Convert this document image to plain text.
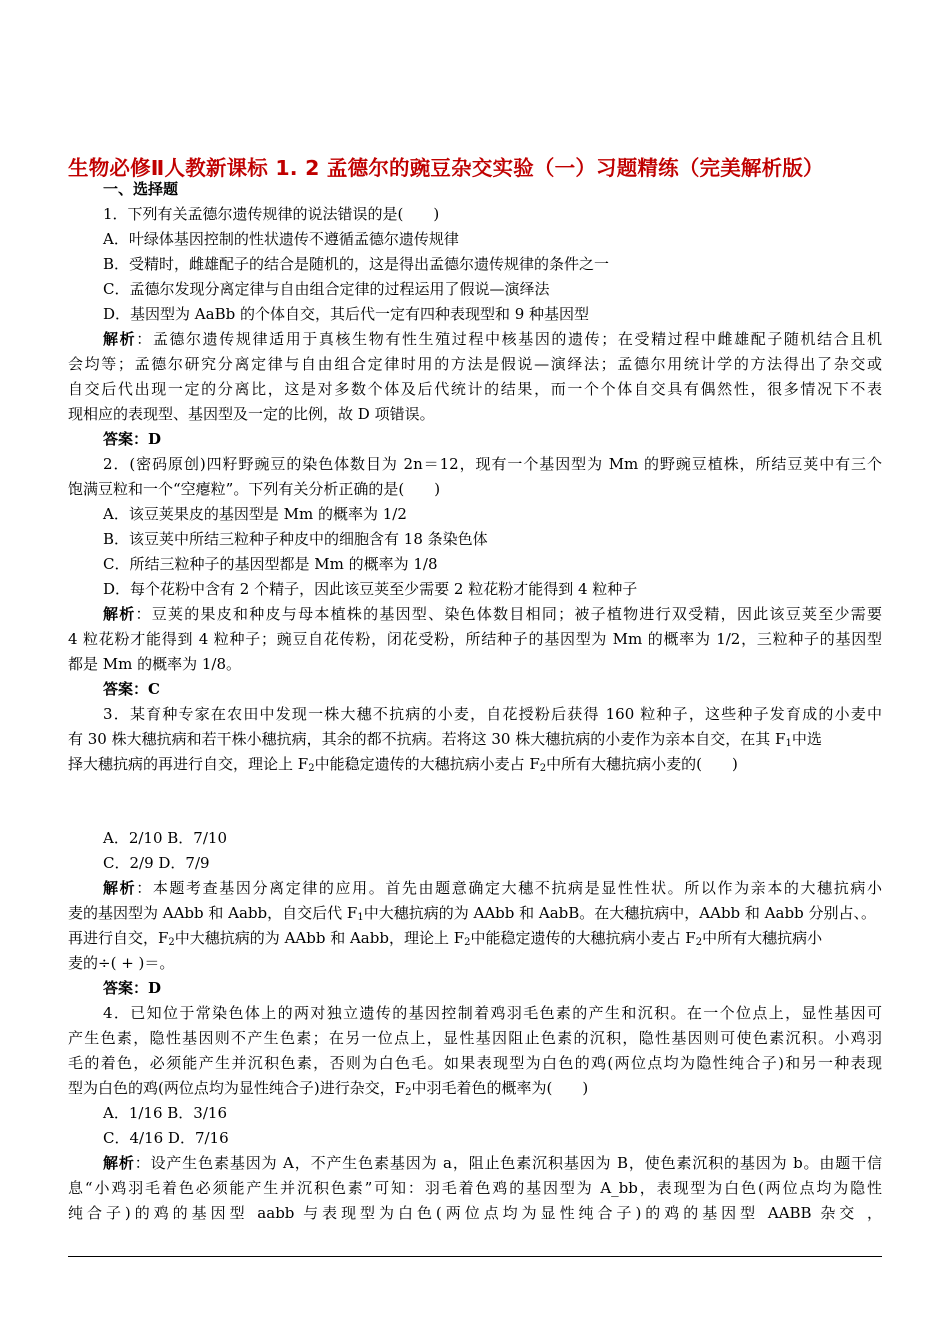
生物必修Ⅱ人教新课标 1. 2 孟德尔的豌豆杂交实验（一）习题精练（完美解析版）
一、选择题
1．下列有关孟德尔遗传规律的说法错误的是(　　)
A．叶绿体基因控制的性状遗传不遵循孟德尔遗传规律
B．受精时，雌雄配子的结合是随机的，这是得出孟德尔遗传规律的条件之一
C．孟德尔发现分离定律与自由组合定律的过程运用了假说—演绎法
D．基因型为 AaBb 的个体自交，其后代一定有四种表现型和 9 种基因型
解析：孟德尔遗传规律适用于真核生物有性生殖过程中核基因的遗传；在受精过程中雌雄配子随机结合且机
会均等；孟德尔研究分离定律与自由组合定律时用的方法是假说—演绎法；孟德尔用统计学的方法得出了杂交或
自交后代出现一定的分离比，这是对多数个体及后代统计的结果，而一个个体自交具有偶然性，很多情况下不表
现相应的表现型、基因型及一定的比例，故 D 项错误。
答案：D
2．(密码原创)四籽野豌豆的染色体数目为 2n＝12，现有一个基因型为 Mm 的野豌豆植株，所结豆荚中有三个
饱满豆粒和一个“空瘪粒”。下列有关分析正确的是(　　)
A．该豆荚果皮的基因型是 Mm 的概率为 1/2
B．该豆荚中所结三粒种子种皮中的细胞含有 18 条染色体
C．所结三粒种子的基因型都是 Mm 的概率为 1/8
D．每个花粉中含有 2 个精子，因此该豆荚至少需要 2 粒花粉才能得到 4 粒种子
解析：豆荚的果皮和种皮与母本植株的基因型、染色体数目相同；被子植物进行双受精，因此该豆荚至少需要
4 粒花粉才能得到 4 粒种子；豌豆自花传粉，闭花受粉，所结种子的基因型为 Mm 的概率为 1/2，三粒种子的基因型
都是 Mm 的概率为 1/8。
答案：C
3．某育种专家在农田中发现一株大穗不抗病的小麦，自花授粉后获得 160 粒种子，这些种子发育成的小麦中
有 30 株大穗抗病和若干株小穗抗病，其余的都不抗病。若将这 30 株大穗抗病的小麦作为亲本自交，在其 $F_1$中选
择大穗抗病的再进行自交，理论上 $F_2$中能稳定遗传的大穗抗病小麦占 $F_2$中所有大穗抗病小麦的(　　)
A．2/10 B．7/10
C．2/9 D．7/9
解析：本题考查基因分离定律的应用。首先由题意确定大穗不抗病是显性性状。所以作为亲本的大穗抗病小
麦的基因型为 AAbb 和 Aabb，自交后代 $F_1$中大穗抗病的为 AAbb 和 AabB。在大穗抗病中，AAbb 和 Aabb 分别占、。
再进行自交，$F_2$中大穗抗病的为 AAbb 和 Aabb，理论上 $F_2$中能稳定遗传的大穗抗病小麦占 $F_2$中所有大穗抗病小
麦的÷( + )＝。
答案：D
4．已知位于常染色体上的两对独立遗传的基因控制着鸡羽毛色素的产生和沉积。在一个位点上，显性基因可
产生色素，隐性基因则不产生色素；在另一位点上，显性基因阻止色素的沉积，隐性基因则可使色素沉积。小鸡羽
毛的着色，必须能产生并沉积色素，否则为白色毛。如果表现型为白色的鸡(两位点均为隐性纯合子)和另一种表现
型为白色的鸡(两位点均为显性纯合子)进行杂交，$F_2$中羽毛着色的概率为(　　)
A．1/16 B．3/16
C．4/16 D．7/16
解析：设产生色素基因为 A，不产生色素基因为 a，阻止色素沉积基因为 B，使色素沉积的基因为 b。由题干信
息“小鸡羽毛着色必须能产生并沉积色素”可知：羽毛着色鸡的基因型为 A_bb，表现型为白色(两位点均为隐性
纯合子)的鸡的基因型 aabb 与表现型为白色(两位点均为显性纯合子)的鸡的基因型 AABB 杂交 ，
